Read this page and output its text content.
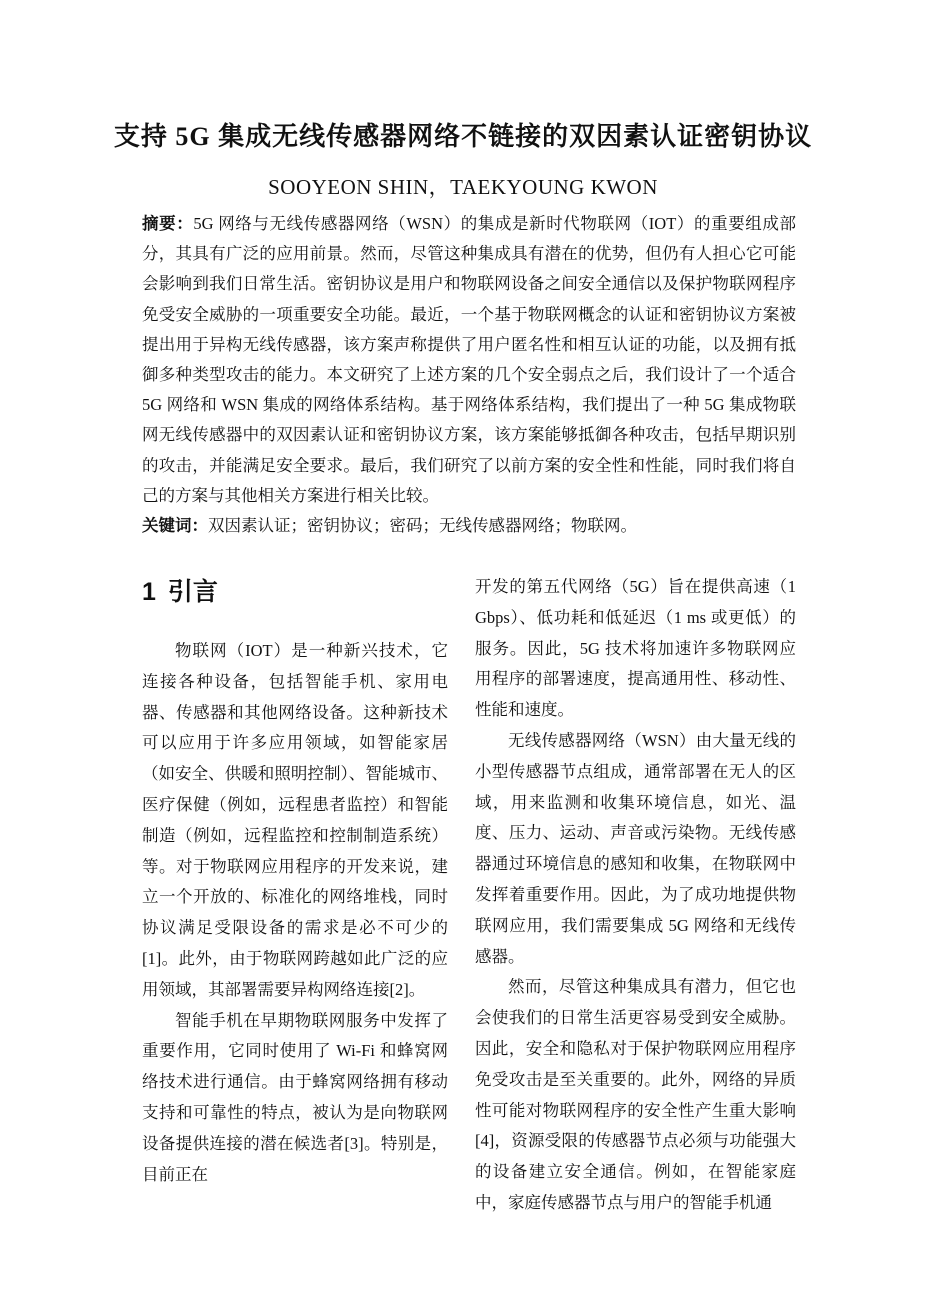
支持 5G 集成无线传感器网络不链接的双因素认证密钥协议
SOOYEON SHIN，TAEKYOUNG KWON

摘要：5G 网络与无线传感器网络（WSN）的集成是新时代物联网（IOT）的重要组成部分，其具有广泛的应用前景。然而，尽管这种集成具有潜在的优势，但仍有人担心它可能会影响到我们日常生活。密钥协议是用户和物联网设备之间安全通信以及保护物联网程序免受安全威胁的一项重要安全功能。最近，一个基于物联网概念的认证和密钥协议方案被提出用于异构无线传感器，该方案声称提供了用户匿名性和相互认证的功能，以及拥有抵御多种类型攻击的能力。本文研究了上述方案的几个安全弱点之后，我们设计了一个适合 5G 网络和 WSN 集成的网络体系结构。基于网络体系结构，我们提出了一种 5G 集成物联网无线传感器中的双因素认证和密钥协议方案，该方案能够抵御各种攻击，包括早期识别的攻击，并能满足安全要求。最后，我们研究了以前方案的安全性和性能，同时我们将自己的方案与其他相关方案进行相关比较。

关键词：双因素认证；密钥协议；密码；无线传感器网络；物联网。

1 引言

物联网（IOT）是一种新兴技术，它连接各种设备，包括智能手机、家用电器、传感器和其他网络设备。这种新技术可以应用于许多应用领域，如智能家居（如安全、供暖和照明控制）、智能城市、医疗保健（例如，远程患者监控）和智能制造（例如，远程监控和控制制造系统）等。对于物联网应用程序的开发来说，建立一个开放的、标准化的网络堆栈，同时协议满足受限设备的需求是必不可少的[1]。此外，由于物联网跨越如此广泛的应用领域，其部署需要异构网络连接[2]。

智能手机在早期物联网服务中发挥了重要作用，它同时使用了 Wi-Fi 和蜂窝网络技术进行通信。由于蜂窝网络拥有移动支持和可靠性的特点，被认为是向物联网设备提供连接的潜在候选者[3]。特别是，目前正在

开发的第五代网络（5G）旨在提供高速（1 Gbps）、低功耗和低延迟（1 ms 或更低）的服务。因此，5G 技术将加速许多物联网应用程序的部署速度，提高通用性、移动性、性能和速度。

无线传感器网络（WSN）由大量无线的小型传感器节点组成，通常部署在无人的区域，用来监测和收集环境信息，如光、温度、压力、运动、声音或污染物。无线传感器通过环境信息的感知和收集，在物联网中发挥着重要作用。因此，为了成功地提供物联网应用，我们需要集成 5G 网络和无线传感器。

然而，尽管这种集成具有潜力，但它也会使我们的日常生活更容易受到安全威胁。因此，安全和隐私对于保护物联网应用程序免受攻击是至关重要的。此外，网络的异质性可能对物联网程序的安全性产生重大影响[4]，资源受限的传感器节点必须与功能强大的设备建立安全通信。例如，在智能家庭中，家庭传感器节点与用户的智能手机通
